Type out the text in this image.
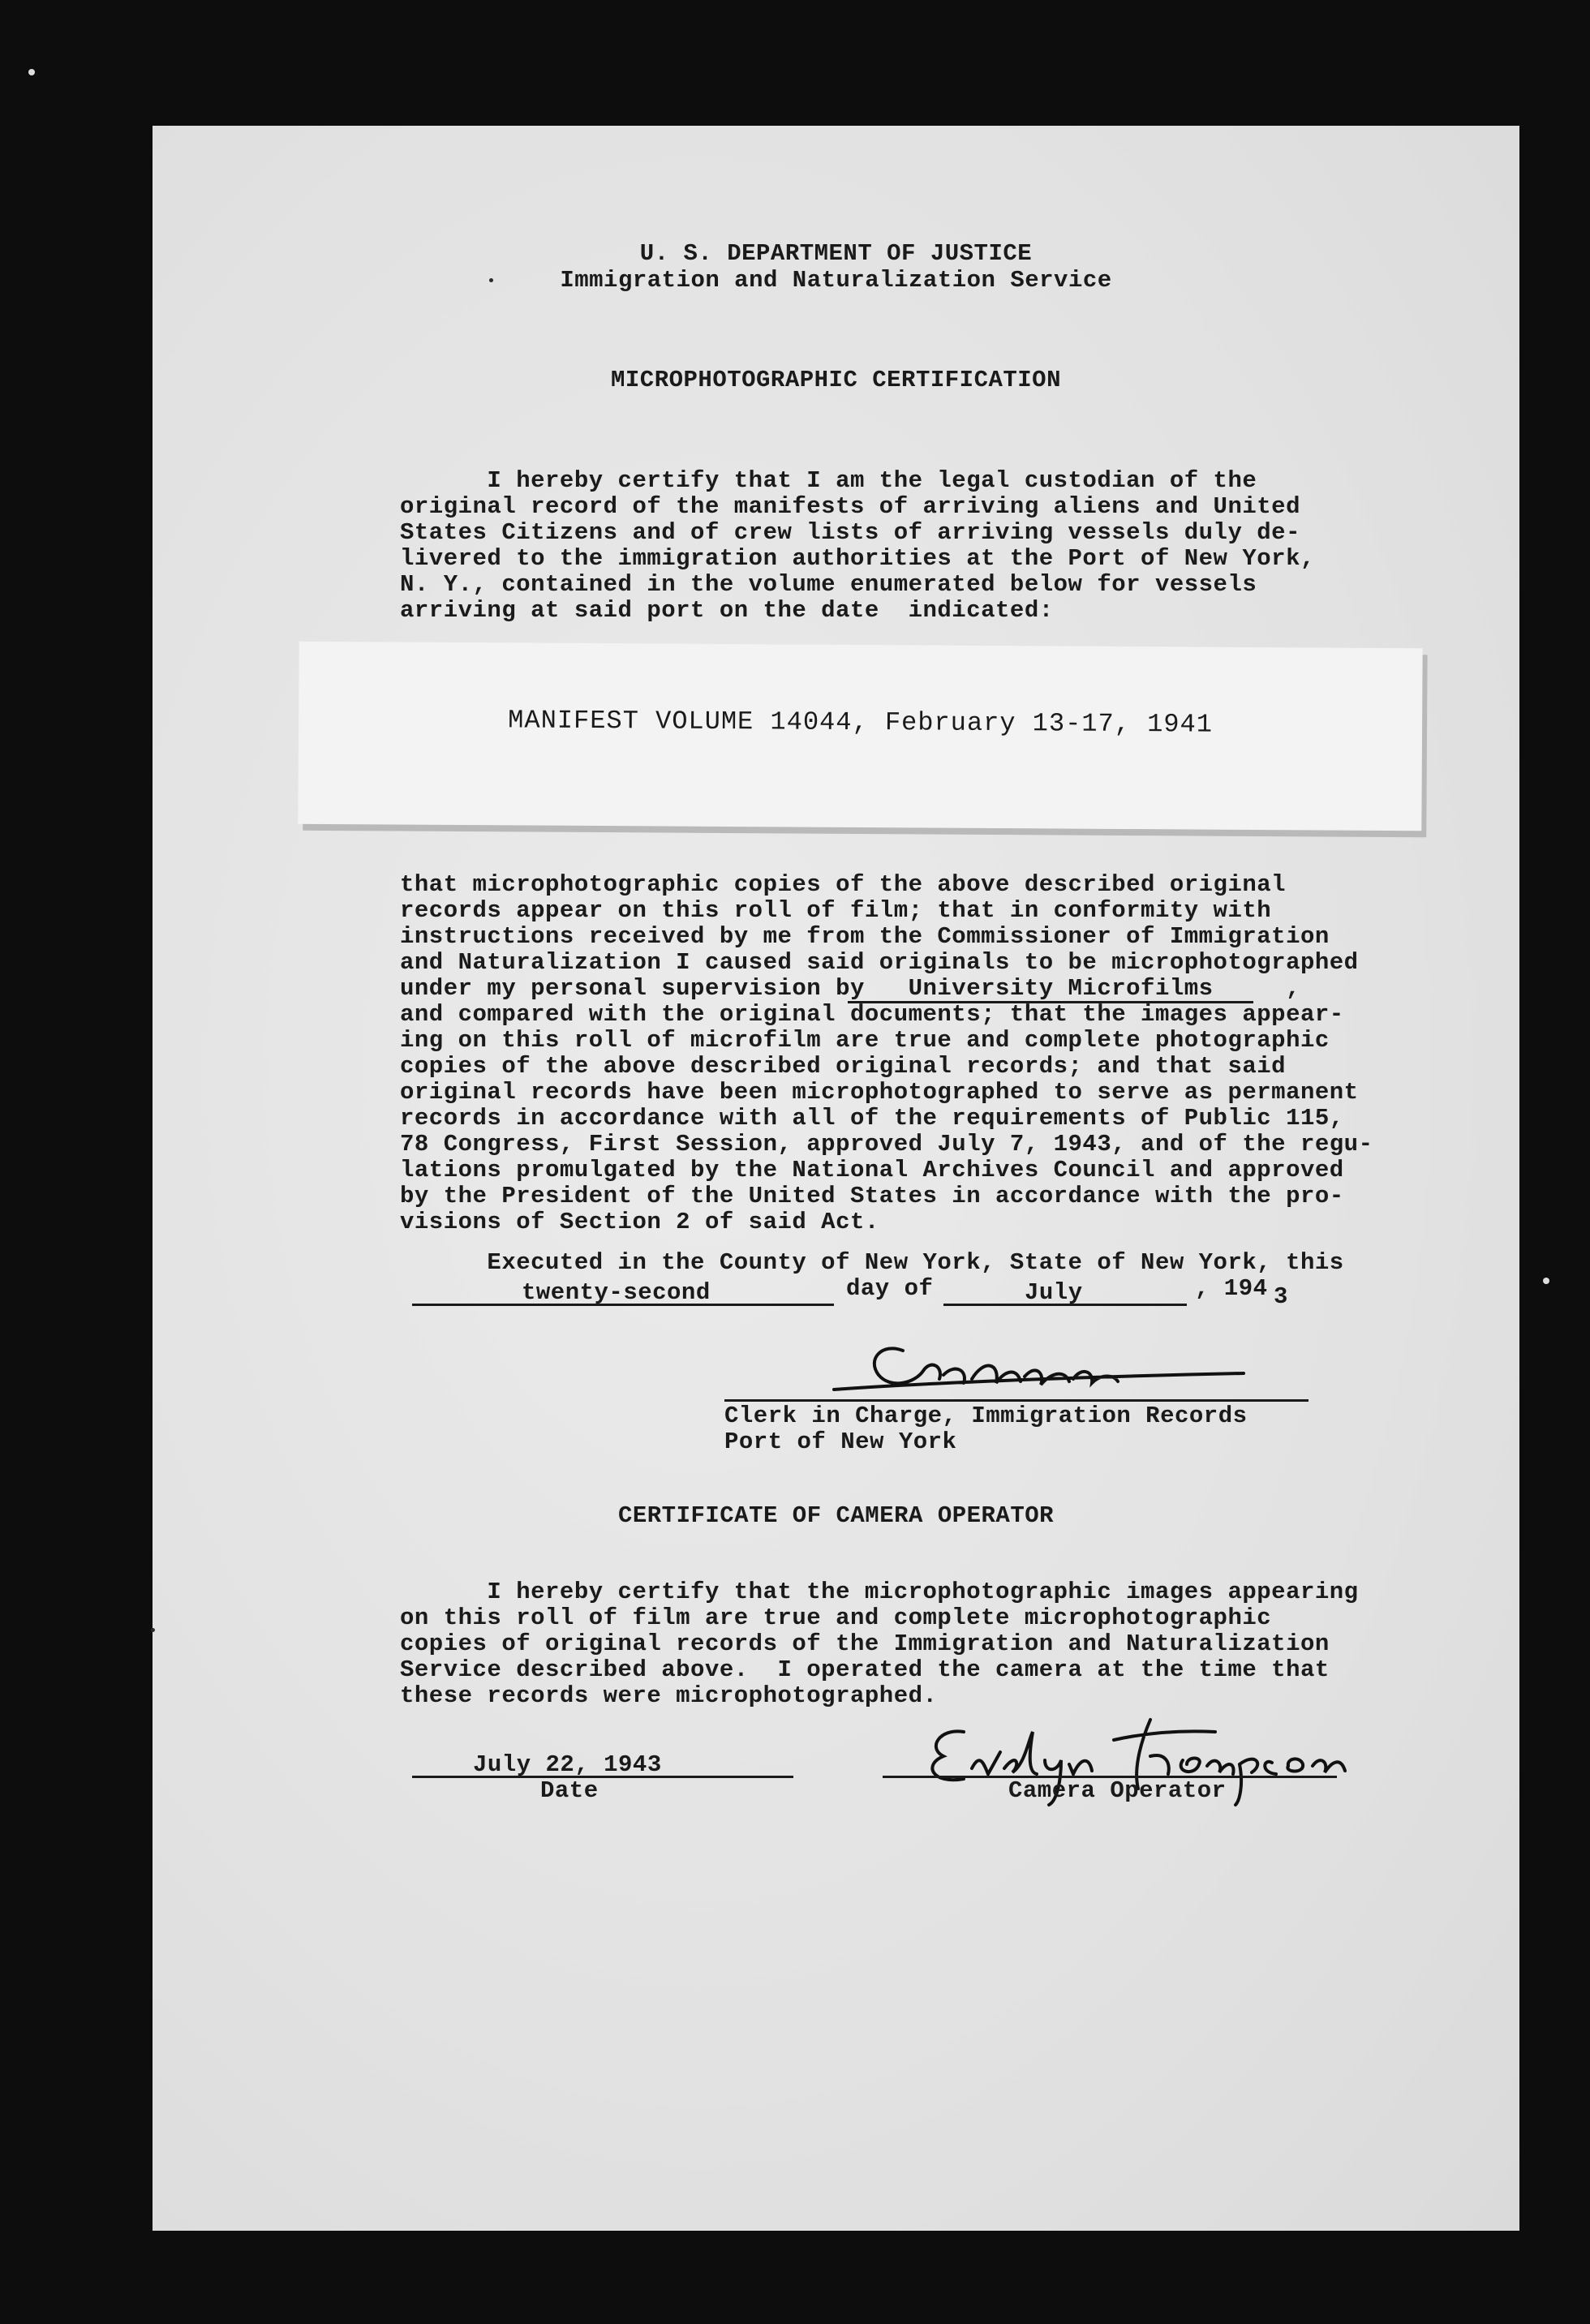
U. S. DEPARTMENT OF JUSTICE
Immigration and Naturalization Service
MICROPHOTOGRAPHIC CERTIFICATION
I hereby certify that I am the legal custodian of the
original record of the manifests of arriving aliens and United
States Citizens and of crew lists of arriving vessels duly de-
livered to the immigration authorities at the Port of New York,
N. Y., contained in the volume enumerated below for vessels
arriving at said port on the date  indicated:
MANIFEST VOLUME 14044, February 13-17, 1941
that microphotographic copies of the above described original
records appear on this roll of film; that in conformity with
instructions received by me from the Commissioner of Immigration
and Naturalization I caused said originals to be microphotographed
under my personal supervision by   University Microfilms     ,
and compared with the original documents; that the images appear-
ing on this roll of microfilm are true and complete photographic
copies of the above described original records; and that said
original records have been microphotographed to serve as permanent
records in accordance with all of the requirements of Public 115,
78 Congress, First Session, approved July 7, 1943, and of the regu-
lations promulgated by the National Archives Council and approved
by the President of the United States in accordance with the pro-
visions of Section 2 of said Act.
Executed in the County of New York, State of New York, this
twenty-second	day of	July	, 194 3
Clerk in Charge, Immigration Records
Port of New York
CERTIFICATE OF CAMERA OPERATOR
I hereby certify that the microphotographic images appearing
on this roll of film are true and complete microphotographic
copies of original records of the Immigration and Naturalization
Service described above.  I operated the camera at the time that
these records were microphotographed.
July 22, 1943
Date	Camera Operator
